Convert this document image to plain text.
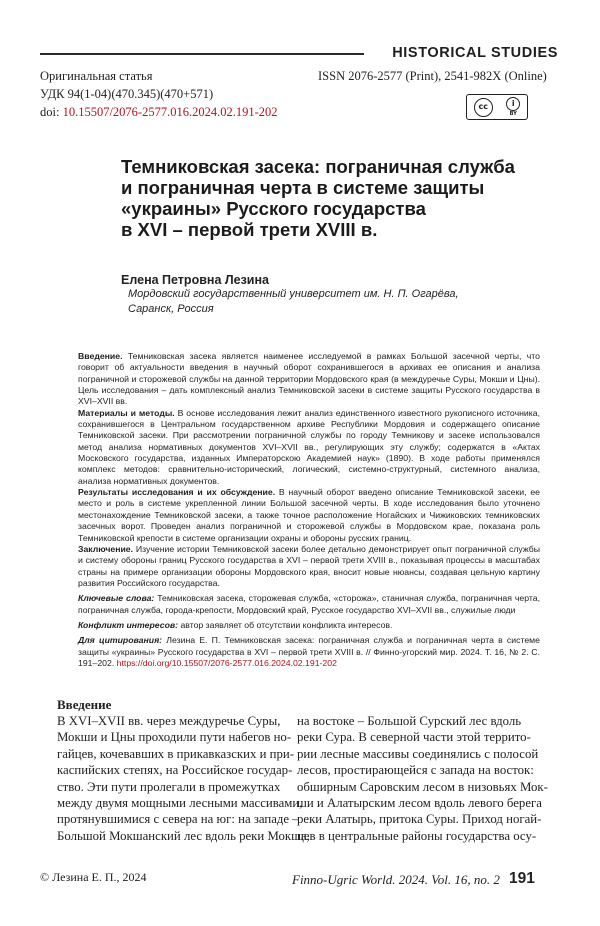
HISTORICAL STUDIES
Оригинальная статья
УДК 94(1-04)(470.345)(470+571)
doi: 10.15507/2076-2577.016.2024.02.191-202
ISSN 2076-2577 (Print), 2541-982X (Online)
cc	i
BY
Темниковская засека: пограничная служба
и пограничная черта в системе защиты
«украины» Русского государства
в XVI – первой трети XVIII в.
Елена Петровна Лезина
Мордовский государственный университет им. Н. П. Огарёва,
Саранск, Россия

Введение. Темниковская засека является наименее исследуемой в рамках Большой засечной черты, что говорит об актуальности введения в научный оборот сохранившегося в архивах ее описания и анализа пограничной и сторожевой службы на данной территории Мордовского края (в междуречье Суры, Мокши и Цны). Цель исследования – дать комплексный анализ Темниковской засеки в системе защиты Русского государства в XVI–XVII вв.

Материалы и методы. В основе исследования лежит анализ единственного известного рукописного источника, сохранившегося в Центральном государственном архиве Республики Мордовия и содержащего описание Темниковской засеки. При рассмотрении пограничной службы по городу Темникову и засеке использовался метод анализа нормативных документов XVI–XVII вв., регулирующих эту службу; содержатся в «Актах Московского государства, изданных Императорскою Академией наук» (1890). В ходе работы применялся комплекс методов: сравнительно-исторический, логический, системно-структурный, системного анализа, анализа нормативных документов.

Результаты исследования и их обсуждение. В научный оборот введено описание Темниковской засеки, ее место и роль в системе укрепленной линии Большой засечной черты. В ходе исследования было уточнено местонахождение Темниковской засеки, а также точное расположение Ногайских и Чижиковских темниковских засечных ворот. Проведен анализ пограничной и сторожевой службы в Мордовском крае, показана роль Темниковской крепости в системе организации охраны и обороны русских границ.

Заключение. Изучение истории Темниковской засеки более детально демонстрирует опыт пограничной службы и систему обороны границ Русского государства в XVI – первой трети XVIII в., показывая процессы в масштабах страны на примере организации обороны Мордовского края, вносит новые нюансы, создавая цельную картину развития Российского государства.

Ключевые слова: Темниковская засека, сторожевая служба, «сторожа», станичная служба, пограничная черта, пограничная служба, города-крепости, Мордовский край, Русское государство XVI–XVII вв., служилые люди

Конфликт интересов: автор заявляет об отсутствии конфликта интересов.

Для цитирования: Лезина Е. П. Темниковская засека: пограничная служба и пограничная черта в системе защиты «украины» Русского государства в XVI – первой трети XVIII в. // Финно-угорский мир. 2024. Т. 16, № 2. С. 191–202. https://doi.org/10.15507/2076-2577.016.2024.02.191-202

Введение
В XVI–XVII вв. через междуречье Суры,
Мокши и Цны проходили пути набегов но-
гайцев, кочевавших в прикавказских и при-
каспийских степях, на Российское государ-
ство. Эти пути пролегали в промежутках
между двумя мощными лесными массивами,
протянувшимися с севера на юг: на западе –
Большой Мокшанский лес вдоль реки Мокша,
на востоке – Большой Сурский лес вдоль
реки Сура. В северной части этой террито-
рии лесные массивы соединялись с полосой
лесов, простирающейся с запада на восток:
обширным Саровским лесом в низовьях Мок-
ши и Алатырским лесом вдоль левого берега
реки Алатырь, притока Суры. Приход ногай-
цев в центральные районы государства осу-
© Лезина Е. П., 2024	Finno-Ugric World. 2024. Vol. 16, no. 2 191
